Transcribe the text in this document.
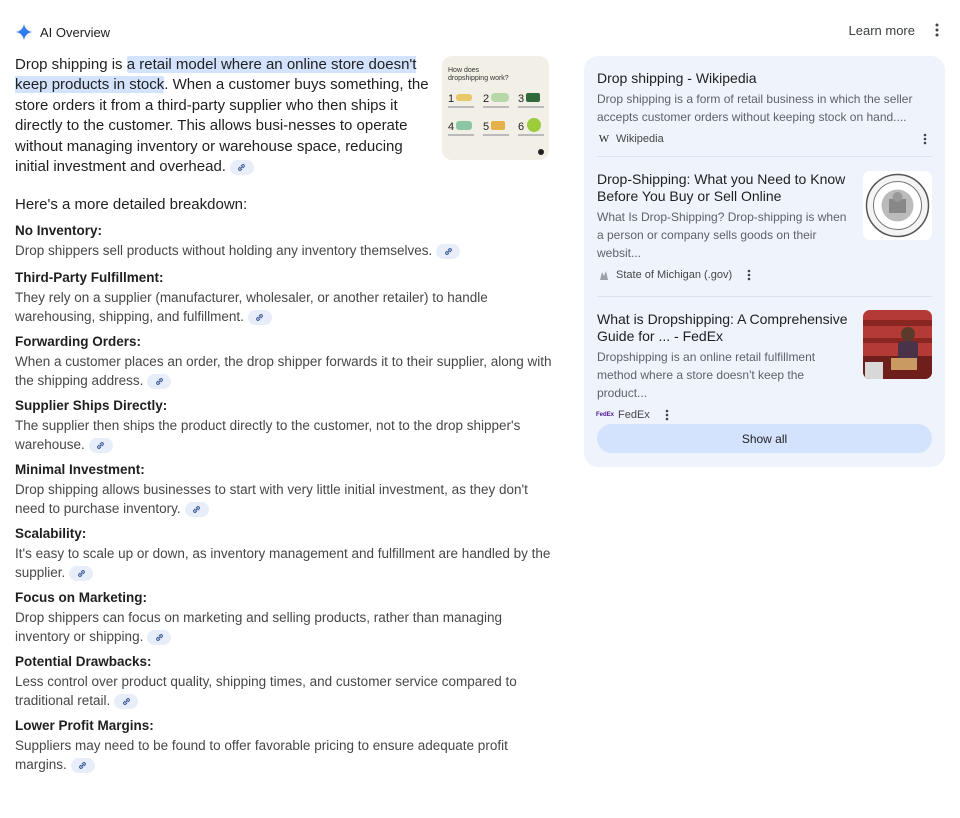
AI Overview	Learn more

Drop shipping is a retail model where an online store doesn't keep products in stock. When a customer buys something, the store orders it from a third-party supplier who then ships it directly to the customer. This allows busi-nesses to operate without managing inventory or warehouse space, reducing initial investment and overhead.

How does
dropshipping work?
1	2	3
4	5	6
Here's a more detailed breakdown:
No Inventory:
Drop shippers sell products without holding any inventory themselves.
Third-Party Fulfillment:
They rely on a supplier (manufacturer, wholesaler, or another retailer) to handle warehousing, shipping, and fulfillment.
Forwarding Orders:
When a customer places an order, the drop shipper forwards it to their supplier, along with the shipping address.
Supplier Ships Directly:
The supplier then ships the product directly to the customer, not to the drop shipper's warehouse.
Minimal Investment:
Drop shipping allows businesses to start with very little initial investment, as they don't need to purchase inventory.
Scalability:
It's easy to scale up or down, as inventory management and fulfillment are handled by the supplier.
Focus on Marketing:
Drop shippers can focus on marketing and selling products, rather than managing inventory or shipping.
Potential Drawbacks:
Less control over product quality, shipping times, and customer service compared to traditional retail.
Lower Profit Margins:
Suppliers may need to be found to offer favorable pricing to ensure adequate profit margins.
Drop shipping - Wikipedia
Drop shipping is a form of retail business in which the seller accepts customer orders without keeping stock on hand....
W Wikipedia
Drop-Shipping: What you Need to Know Before You Buy or Sell Online
What Is Drop-Shipping? Drop-shipping is when a person or company sells goods on their websit...
State of Michigan (.gov)
What is Dropshipping: A Comprehensive Guide for ... - FedEx
Dropshipping is an online retail fulfillment method where a store doesn't keep the product...
FedEx FedEx
Show all
